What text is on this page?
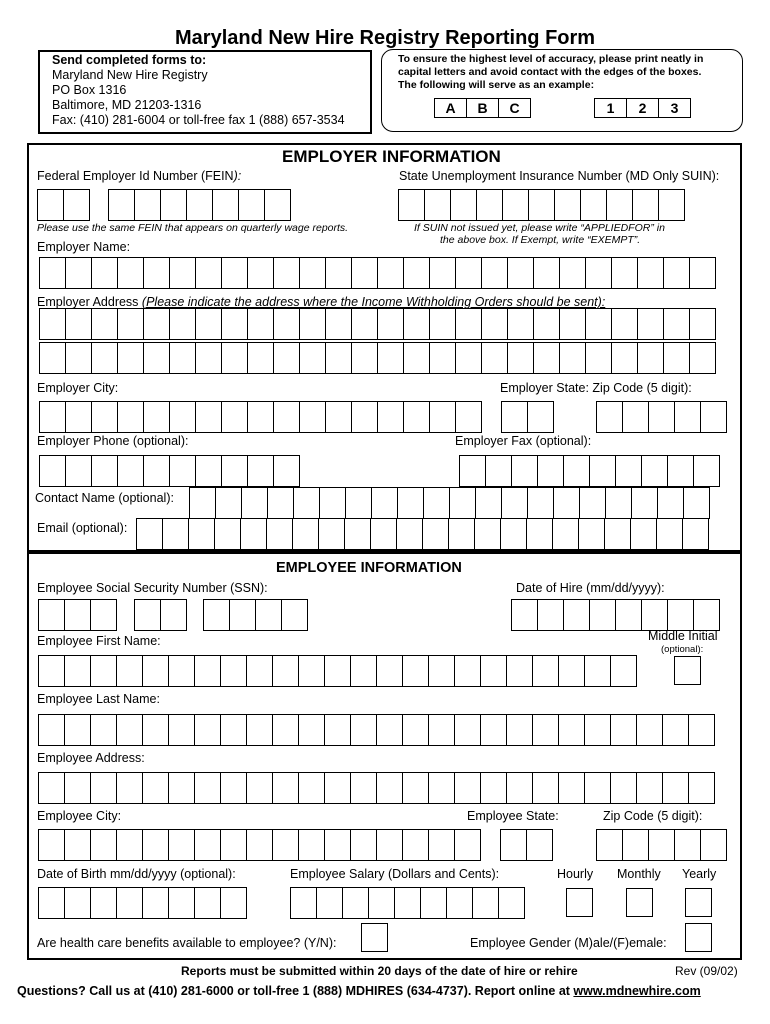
Maryland New Hire Registry Reporting Form
Send completed forms to:
Maryland New Hire Registry
PO Box 1316
Baltimore, MD 21203-1316
Fax: (410) 281-6004 or toll-free fax 1 (888) 657-3534
To ensure the highest level of accuracy, please print neatly in
capital letters and avoid contact with the edges of the boxes.
The following will serve as an example:
A	B	C	1	2	3
EMPLOYER INFORMATION
Federal Employer Id Number (FEIN):	State Unemployment Insurance Number (MD Only SUIN):
Please use the same FEIN that appears on quarterly wage reports.	If SUIN not issued yet, please write “APPLIEDFOR” in
the above box. If Exempt, write “EXEMPT”.
Employer Name:
Employer Address (Please indicate the address where the Income Withholding Orders should be sent):
Employer City:	Employer State: Zip Code (5 digit):
Employer Phone (optional):	Employer Fax (optional):
Contact Name (optional):
Email (optional):
EMPLOYEE INFORMATION
Employee Social Security Number (SSN):	Date of Hire (mm/dd/yyyy):
Employee First Name:	Middle Initial
(optional):
Employee Last Name:
Employee Address:
Employee City:	Employee State:	Zip Code (5 digit):
Date of Birth mm/dd/yyyy (optional):	Employee Salary (Dollars and Cents):	Hourly Monthly Yearly
Are health care benefits available to employee? (Y/N):	Employee Gender (M)ale/(F)emale:
Reports must be submitted within 20 days of the date of hire or rehire	Rev (09/02)
Questions? Call us at (410) 281-6000 or toll-free 1 (888) MDHIRES (634-4737). Report online at www.mdnewhire.com
